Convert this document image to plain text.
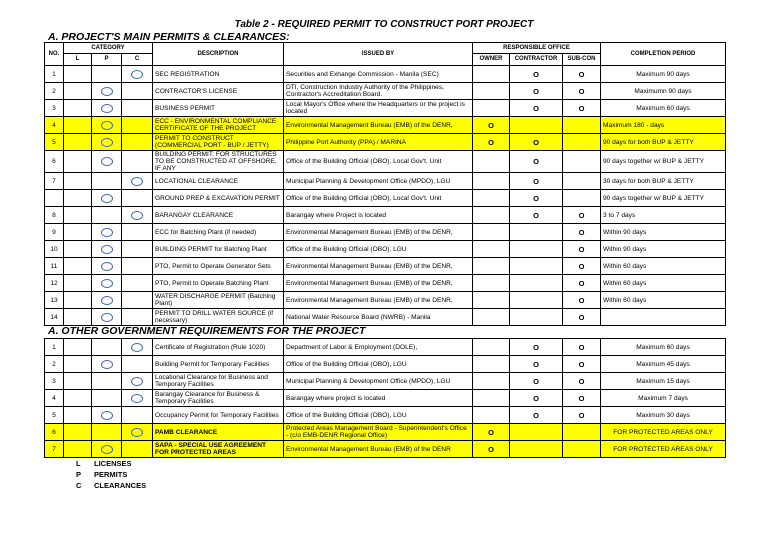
Table 2 - REQUIRED PERMIT TO CONSTRUCT PORT PROJECT
A. PROJECT'S MAIN PERMITS & CLEARANCES:
NO.	CATEGORY			DESCRIPTION	ISSUED BY	RESPONSIBLE OFFICE			COMPLETION PERIOD
	L	P	C			OWNER	CONTRACTOR	SUB-CON	
1				SEC REGISTRATION	Securities and Exhange Commission - Manila (SEC)		O	O	Maximum 90 days
2				CONTRACTOR'S LICENSE	DTI, Construction Industry Authority of the Philippines, Contractor's Accreditation Board.		O	O	Maximumn 90 days
3				BUSINESS PERMIT	Local Mayor's Office where the Headquarters or the project is located		O	O	Maximum 60 days
4				ECC - ENVIRONMENTAL COMPLIANCE CERTIFICATE OF THE PROJECT	Environmental Management Bureau (EMB) of the DENR,	O			Maximum 180 - days
5				PERMIT TO CONSTRUCT (COMMERCIAL PORT - BUP / JETTY)	Philippine Port Authority (PPA) / MARINA	O	O		90 days for both BUP & JETTY
6				BUILDING PERMIT: FOR STRUCTURES TO BE CONSTRUCTED AT OFFSHORE, IF ANY	Office of the Building Official (OBO), Local Gov't. Unit		O		90 days together w/ BUP & JETTY
7				LOCATIONAL CLEARANCE	Municipal Planning & Development Office (MPDO), LGU		O		30 days for both BUP & JETTY
				GROUND PREP & EXCAVATION PERMIT	Office of the Building Official (OBO), Local Gov't. Unit		O		90 days together w/ BUP & JETTY
8				BARANGAY CLEARANCE	Barangay where Project is located		O	O	3 to 7 days
9				ECC for Batching Plant (if needed)	Environmental Management Bureau (EMB) of the DENR,			O	Within 90 days
10				BUILDING PERMIT for Batching Plant	Office of the Building Official (OBO), LGU			O	Within 90 days
11				PTO, Permit to Operate Generator Sets	Environmental Management Bureau (EMB) of the DENR,			O	Within 60 days
12				PTO, Permit to Operate Batching Plant	Environmental Management Bureau (EMB) of the DENR,			O	Within 60 days
13				WATER DISCHARGE PERMIT (Batching Plant)	Environmental Management Bureau (EMB) of the DENR,			O	Within 60 days
14				PERMIT TO DRILL WATER SOURCE (if necessary)	National Water Resource Board (NWRB) - Manila			O	
A. OTHER GOVERNMENT REQUIREMENTS FOR THE PROJECT
1				Certificate of Registration (Rule 1020)	Department of Labor & Employment (DOLE),		O	O	Maximum 60 days
2				Building Permit for Temporary Facilities	Office of the Building Official (OBO), LGU		O	O	Maximum 45 days
3				Locational Clearance for Business and Temporary Facilities	Municipal Planning & Development Office (MPDO), LGU		O	O	Maximum 15 days
4				Barangay Clearance for Business & Temporary Facilities	Barangay where project is located		O	O	Maximum 7 days
5				Occupancy Permit for Temporary Facilities	Office of the Building Official (OBO), LGU		O	O	Maximum 30 days
6				PAMB CLEARANCE	Protected Areas Management Board - Superintendent's Office - (c/o EMB-DENR Regional Office)	O			FOR PROTECTED AREAS ONLY
7				SAPA - SPECIAL USE AGREEMENT FOR PROTECTED AREAS	Environmental Management Bureau (EMB) of the DENR	O			FOR PROTECTED AREAS ONLY
L LICENSES
P PERMITS
C CLEARANCES
